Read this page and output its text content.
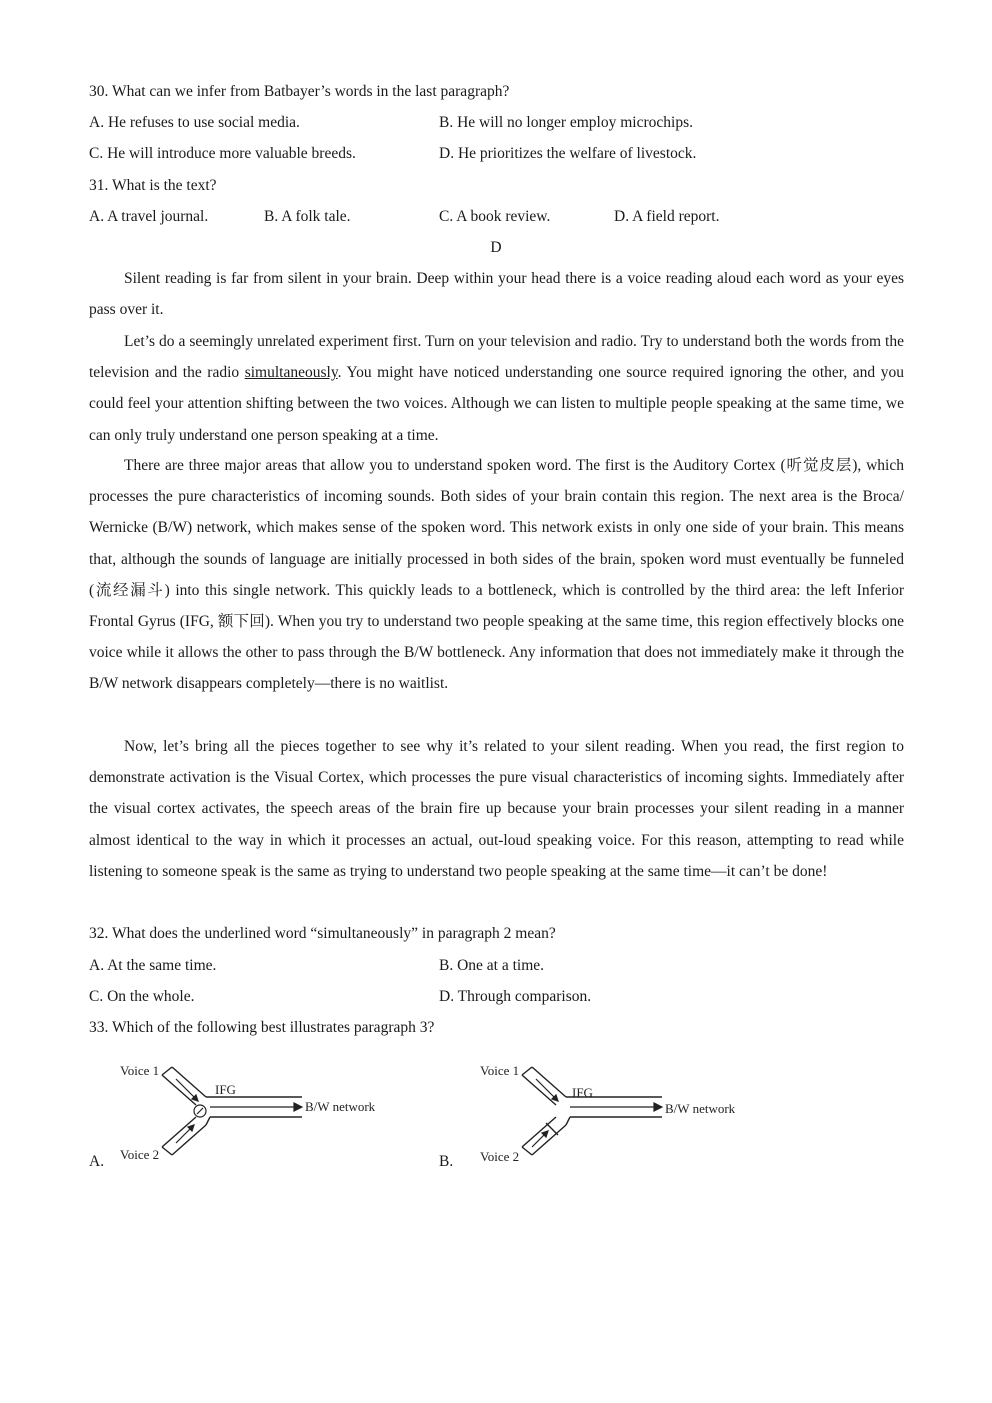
30. What can we infer from Batbayer’s words in the last paragraph?
A. He refuses to use social media.	B. He will no longer employ microchips.
C. He will introduce more valuable breeds.	D. He prioritizes the welfare of livestock.
31. What is the text?
A. A travel journal.	B. A folk tale.	C. A book review.	D. A field report.
D

Silent reading is far from silent in your brain. Deep within your head there is a voice reading aloud each word as your eyes pass over it.

Let’s do a seemingly unrelated experiment first. Turn on your television and radio. Try to understand both the words from the television and the radio simultaneously. You might have noticed understanding one source required ignoring the other, and you could feel your attention shifting between the two voices. Although we can listen to multiple people speaking at the same time, we can only truly understand one person speaking at a time.

There are three major areas that allow you to understand spoken word. The first is the Auditory Cortex (听觉皮层), which processes the pure characteristics of incoming sounds. Both sides of your brain contain this region. The next area is the Broca/ Wernicke (B/W) network, which makes sense of the spoken word. This network exists in only one side of your brain. This means that, although the sounds of language are initially processed in both sides of the brain, spoken word must eventually be funneled (流经漏斗) into this single network. This quickly leads to a bottleneck, which is controlled by the third area: the left Inferior Frontal Gyrus (IFG, 额下回). When you try to understand two people speaking at the same time, this region effectively blocks one voice while it allows the other to pass through the B/W bottleneck. Any information that does not immediately make it through the B/W network disappears completely—there is no waitlist.

Now, let’s bring all the pieces together to see why it’s related to your silent reading. When you read, the first region to demonstrate activation is the Visual Cortex, which processes the pure visual characteristics of incoming sights. Immediately after the visual cortex activates, the speech areas of the brain fire up because your brain processes your silent reading in a manner almost identical to the way in which it processes an actual, out-loud speaking voice. For this reason, attempting to read while listening to someone speak is the same as trying to understand two people speaking at the same time—it can’t be done!

32. What does the underlined word “simultaneously” in paragraph 2 mean?
A. At the same time.	B. One at a time.
C. On the whole.	D. Through comparison.
33. Which of the following best illustrates paragraph 3?
A.
Voice 1
Voice 2
IFG
B/W network
B.
Voice 1
Voice 2
IFG
B/W network
